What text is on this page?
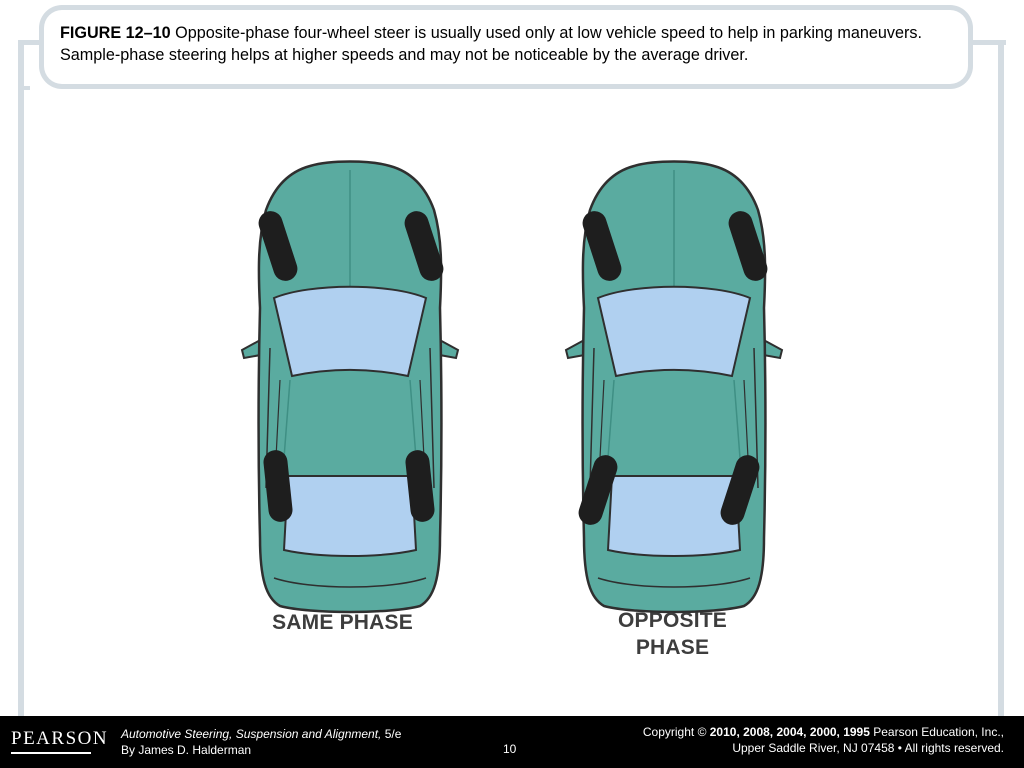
FIGURE 12–10 Opposite-phase four-wheel steer is usually used only at low vehicle speed to help in parking maneuvers. Sample-phase steering helps at higher speeds and may not be noticeable by the average driver.
SAME PHASE	OPPOSITE
PHASE
PEARSON Automotive Steering, Suspension and Alignment, 5/e
By James D. Halderman	10
Copyright © 2010, 2008, 2004, 2000, 1995 Pearson Education, Inc.,
Upper Saddle River, NJ 07458 • All rights reserved.
